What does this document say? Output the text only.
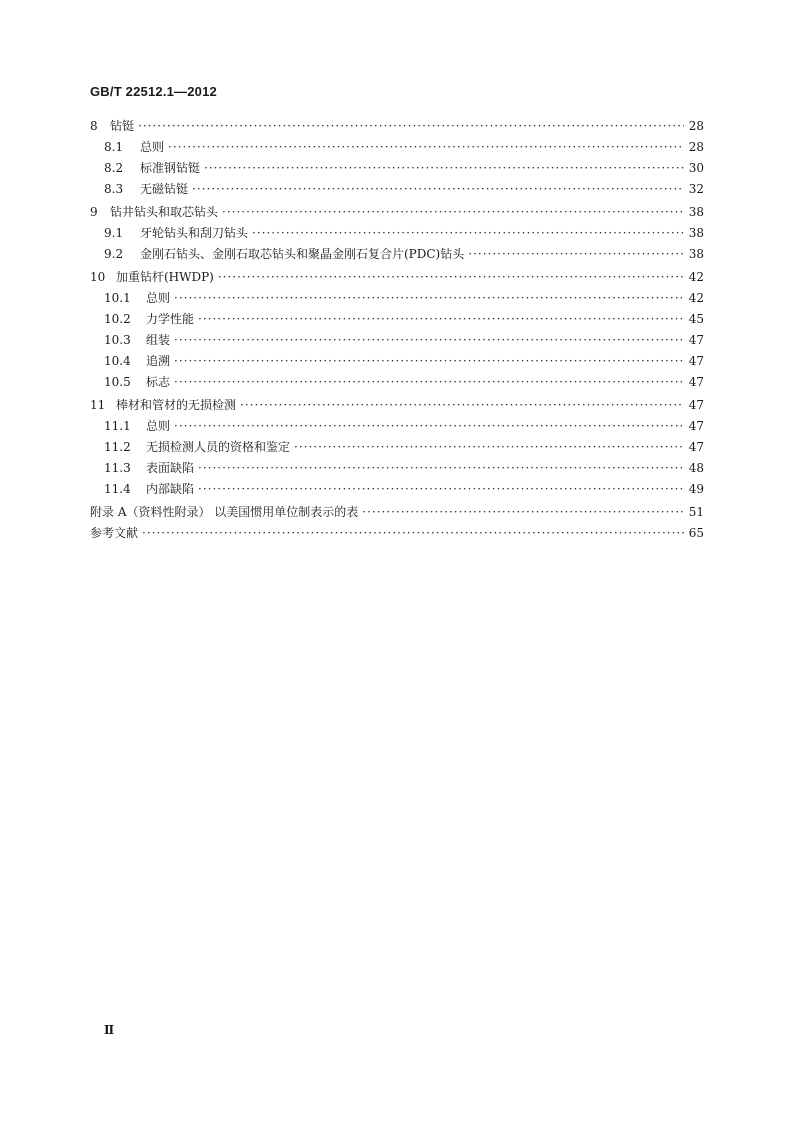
GB/T 22512.1—2012
8	钻铤 ·····	28
8.1	总则 ·····	28
8.2	标准钢钻铤 ·····	30
8.3	无磁钻铤 ·····	32
9	钻井钻头和取芯钻头 ·····	38
9.1	牙轮钻头和刮刀钻头 ·····	38
9.2	金刚石钻头、金刚石取芯钻头和聚晶金刚石复合片(PDC)钻头 ·····	38
10 加重钻杆(HWDP) ·····	42
10.1	总则 ·····	42
10.2	力学性能 ·····	45
10.3	组装 ·····	47
10.4	追溯 ·····	47
10.5	标志 ·····	47
11 棒材和管材的无损检测 ·····	47
11.1	总则 ·····	47
11.2	无损检测人员的资格和鉴定 ·····	47
11.3	表面缺陷 ·····	48
11.4	内部缺陷 ·····	49
附录 A（资料性附录） 以美国惯用单位制表示的表 ·····	51
参考文献 ·····	65
Ⅱ
